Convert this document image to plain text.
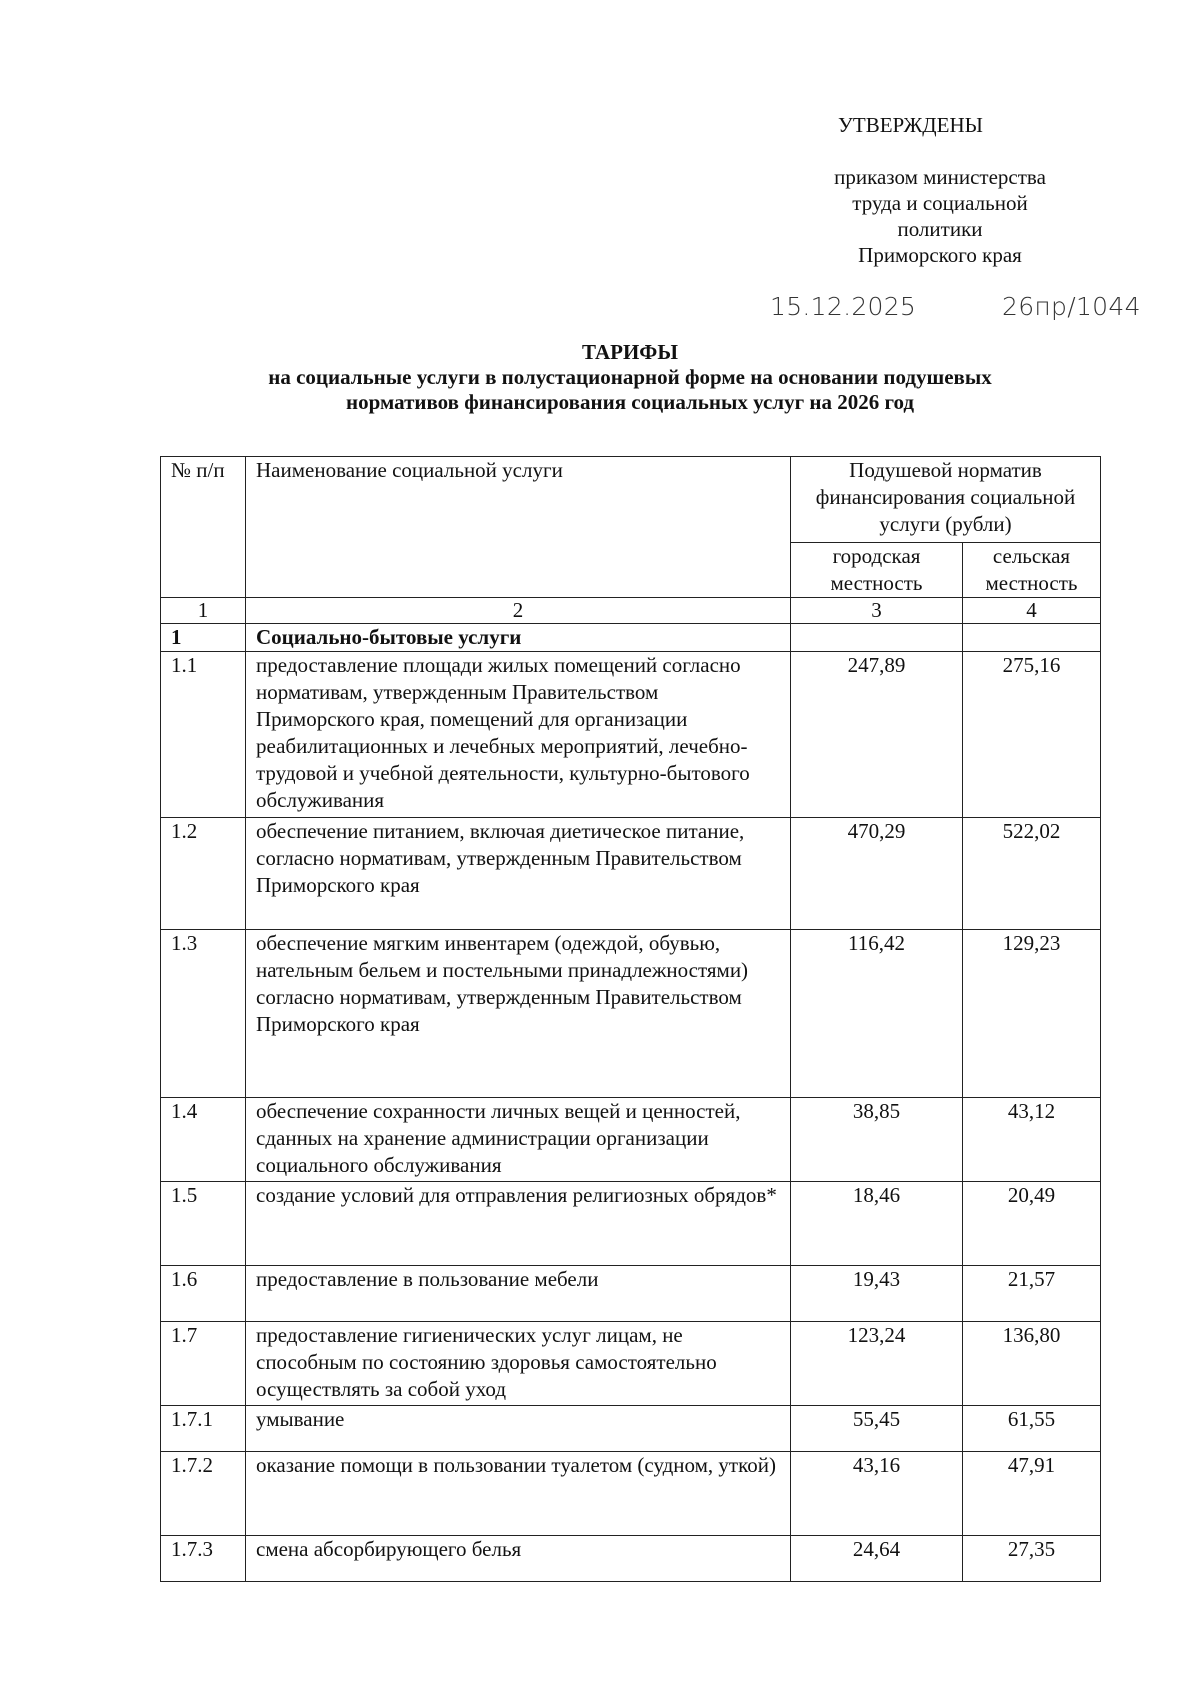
УТВЕРЖДЕНЫ
приказом министерства
труда и социальной
политики
Приморского края
15.12.2025	26пр/1044
ТАРИФЫ
на социальные услуги в полустационарной форме на основании подушевых
нормативов финансирования социальных услуг на 2026 год
№ п/п	Наименование социальной услуги	Подушевой норматив финансирования социальной услуги (рубли)	
		городская местность	сельская местность
1	2	3	4
1	Социально-бытовые услуги		
1.1	предоставление площади жилых помещений согласно нормативам, утвержденным Правительством Приморского края, помещений для организации реабилитационных и лечебных мероприятий, лечебно-трудовой и учебной деятельности, культурно-бытового обслуживания	247,89	275,16
1.2	обеспечение питанием, включая диетическое питание, согласно нормативам, утвержденным Правительством Приморского края	470,29	522,02
1.3	обеспечение мягким инвентарем (одеждой, обувью, нательным бельем и постельными принадлежностями) согласно нормативам, утвержденным Правительством Приморского края	116,42	129,23
1.4	обеспечение сохранности личных вещей и ценностей, сданных на хранение администрации организации социального обслуживания	38,85	43,12
1.5	создание условий для отправления религиозных обрядов*	18,46	20,49
1.6	предоставление в пользование мебели	19,43	21,57
1.7	предоставление гигиенических услуг лицам, не способным по состоянию здоровья самостоятельно осуществлять за собой уход	123,24	136,80
1.7.1	умывание	55,45	61,55
1.7.2	оказание помощи в пользовании туалетом (судном, уткой)	43,16	47,91
1.7.3	смена абсорбирующего белья	24,64	27,35
